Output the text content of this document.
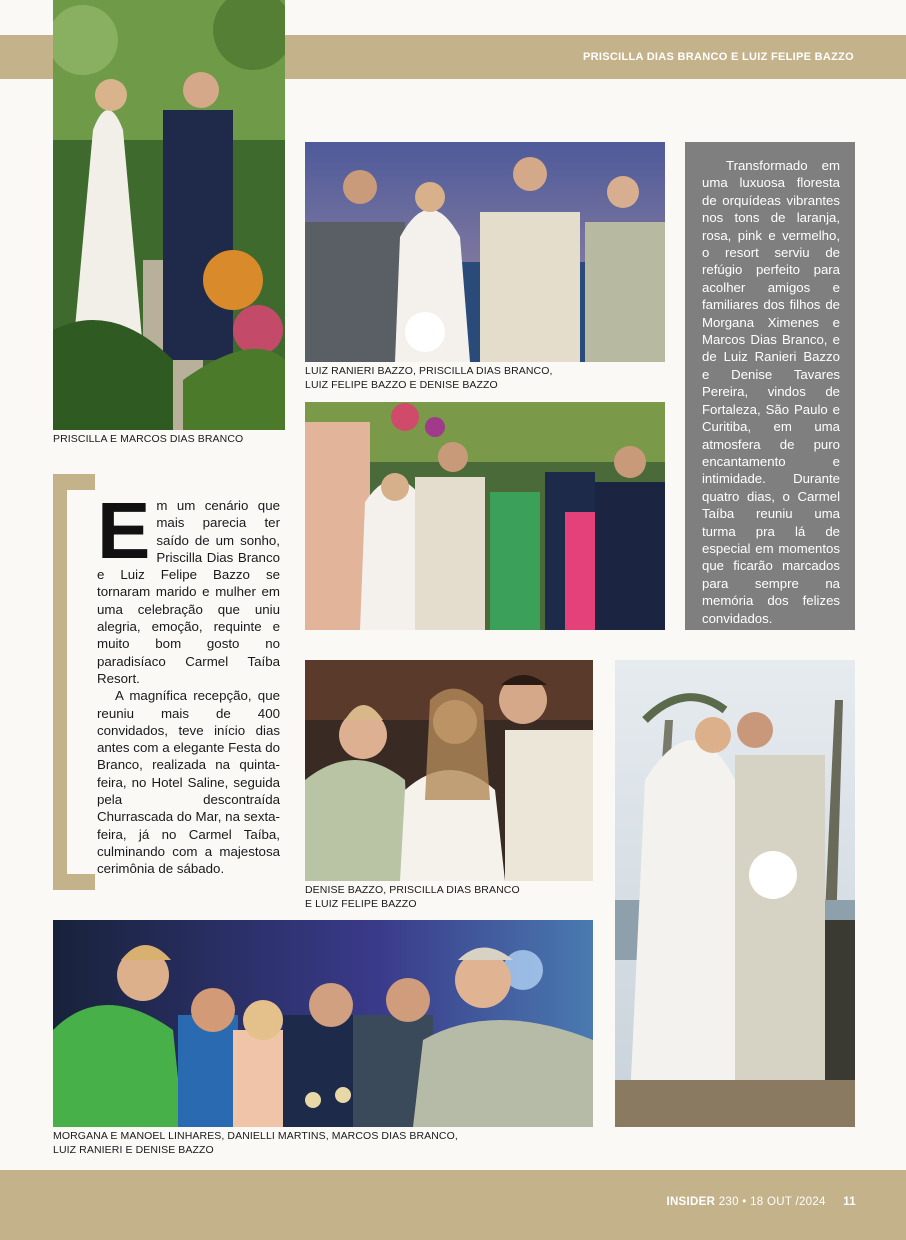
PRISCILLA DIAS BRANCO E LUIZ FELIPE BAZZO
PRISCILLA E MARCOS DIAS BRANCO
LUIZ RANIERI BAZZO, PRISCILLA DIAS BRANCO,
LUIZ FELIPE BAZZO E DENISE BAZZO

Transformado em uma luxuosa floresta de orquídeas vibrantes nos tons de laranja, rosa, pink e vermelho, o resort serviu de refúgio perfeito para acolher amigos e familiares dos filhos de Morgana Ximenes e Marcos Dias Branco, e de Luiz Ranieri Bazzo e Denise Tavares Pereira, vindos de Fortaleza, São Paulo e Curitiba, em uma atmosfera de puro encantamento e intimidade. Durante quatro dias, o Carmel Taíba reuniu uma turma pra lá de especial em momentos que ficarão marcados para sempre na memória dos felizes convidados.

Em um cenário que mais parecia ter saído de um sonho, Priscilla Dias Branco e Luiz Felipe Bazzo se tornaram marido e mulher em uma celebração que uniu alegria, emoção, requinte e muito bom gosto no paradisíaco Carmel Taíba Resort.

A magnífica recepção, que reuniu mais de 400 convidados, teve início dias antes com a elegante Festa do Branco, realizada na quinta-feira, no Hotel Saline, seguida pela descontraída Churrascada do Mar, na sexta-feira, já no Carmel Taíba, culminando com a majestosa cerimônia de sábado.

DENISE BAZZO, PRISCILLA DIAS BRANCO
E LUIZ FELIPE BAZZO
MORGANA E MANOEL LINHARES, DANIELLI MARTINS, MARCOS DIAS BRANCO,
LUIZ RANIERI E DENISE BAZZO
INSIDER 230 • 18 OUT /2024 11
